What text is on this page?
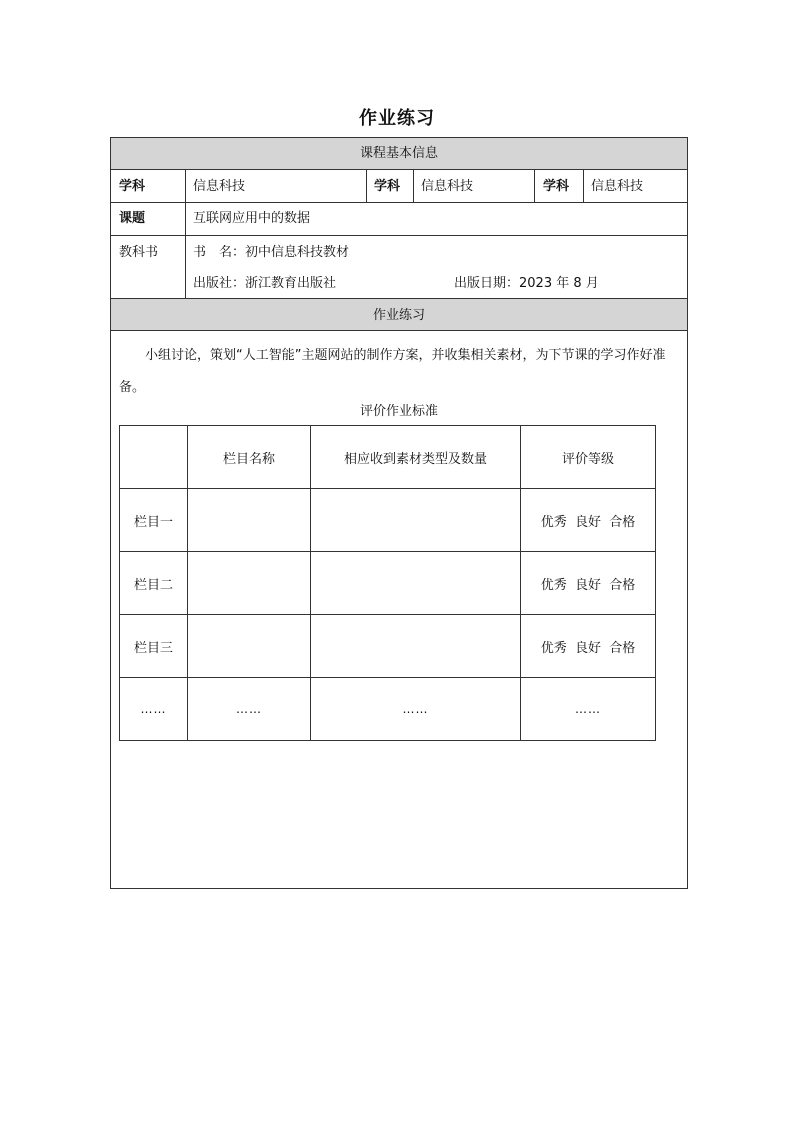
作业练习
课程基本信息
学科	信息科技	学科 信息科技	学科 信息科技
课题	互联网应用中的数据
教科书	书　名：初中信息科技教材
出版社：浙江教育出版社	出版日期：2023 年 8 月
作业练习

小组讨论，策划“人工智能”主题网站的制作方案，并收集相关素材，为下节课的学习作好准备。

评价作业标准
	栏目名称	相应收到素材类型及数量	评价等级
栏目一			优秀  良好  合格
栏目二			优秀  良好  合格
栏目三			优秀  良好  合格
……	……	……	……
